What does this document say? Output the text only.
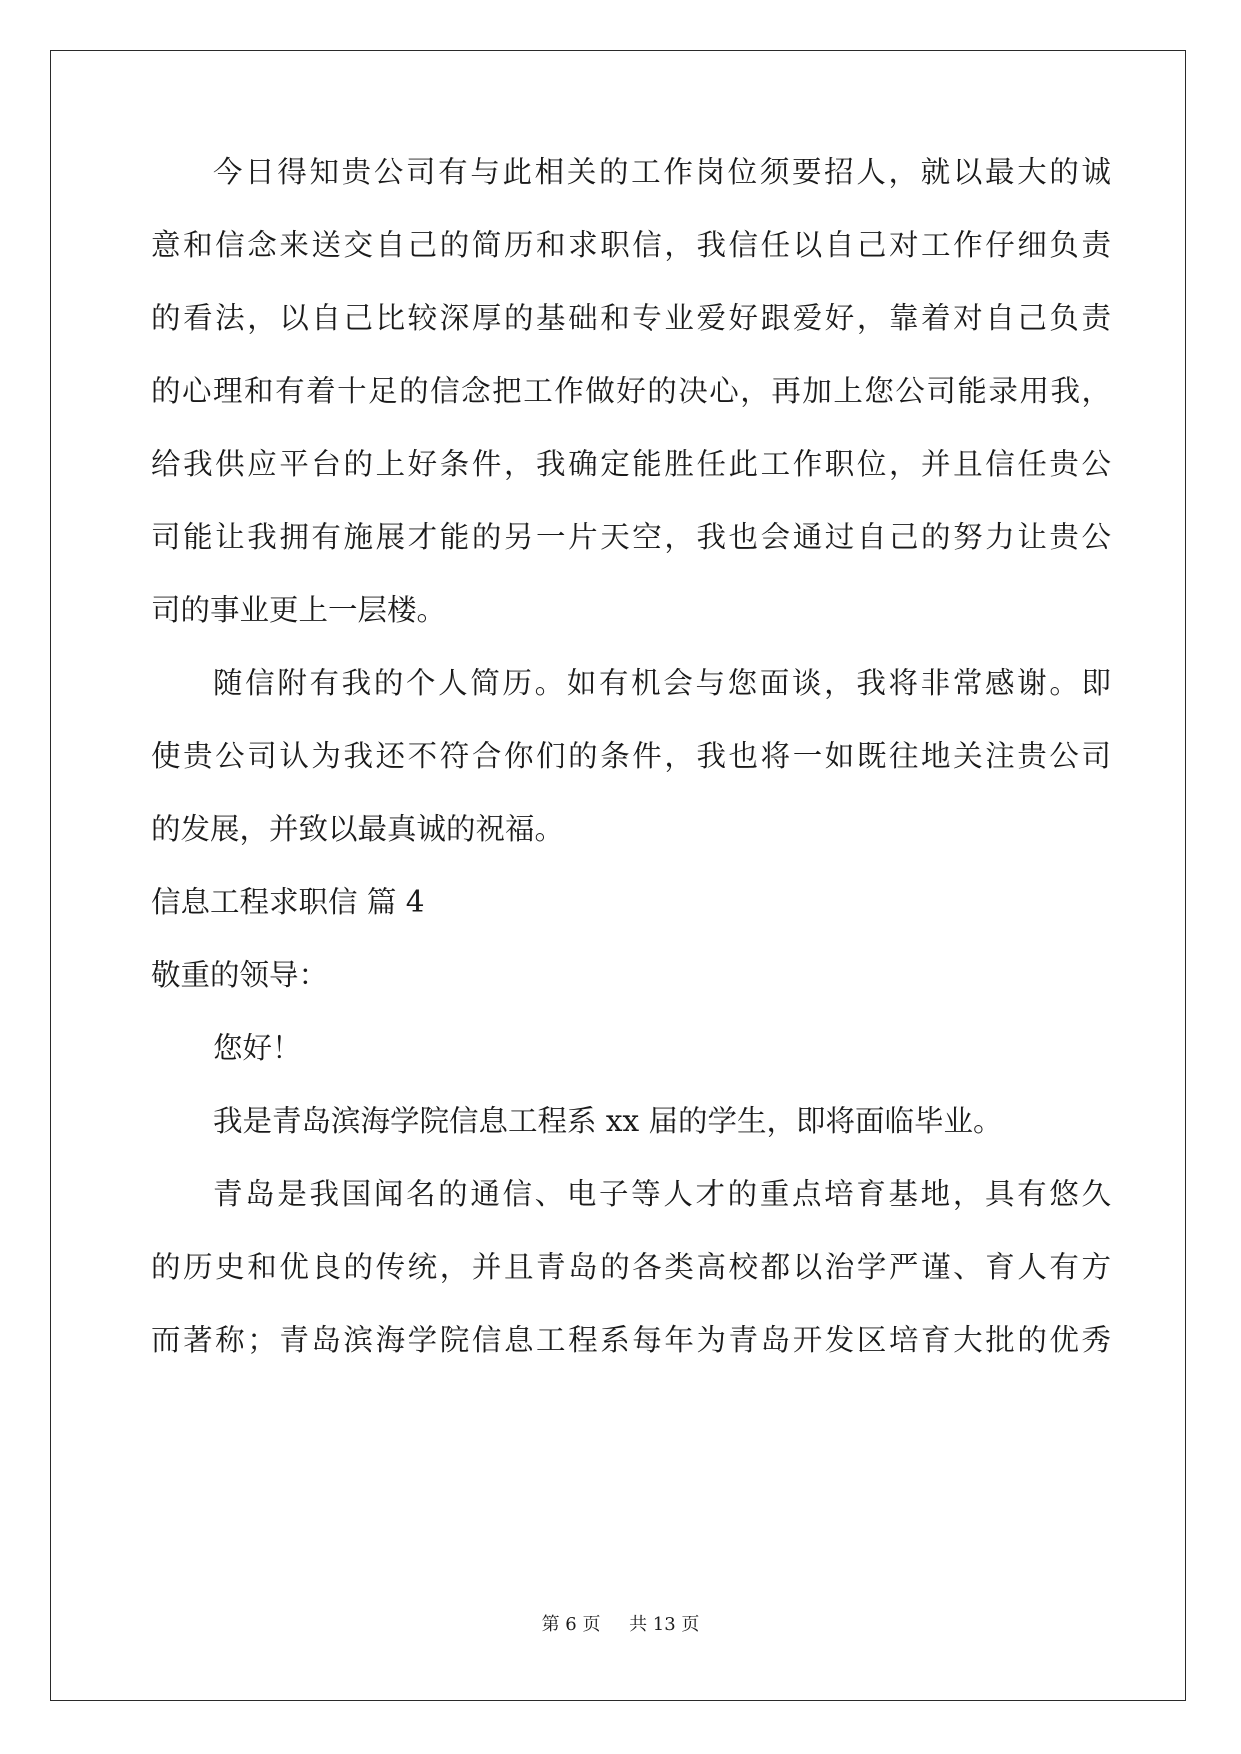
今日得知贵公司有与此相关的工作岗位须要招人，就以最大的诚
意和信念来送交自己的简历和求职信，我信任以自己对工作仔细负责
的看法，以自己比较深厚的基础和专业爱好跟爱好，靠着对自己负责
的心理和有着十足的信念把工作做好的决心，再加上您公司能录用我，
给我供应平台的上好条件，我确定能胜任此工作职位，并且信任贵公
司能让我拥有施展才能的另一片天空，我也会通过自己的努力让贵公
司的事业更上一层楼。
随信附有我的个人简历。如有机会与您面谈，我将非常感谢。即
使贵公司认为我还不符合你们的条件，我也将一如既往地关注贵公司
的发展，并致以最真诚的祝福。
信息工程求职信 篇 4
敬重的领导：
您好！
我是青岛滨海学院信息工程系 xx 届的学生，即将面临毕业。
青岛是我国闻名的通信、电子等人才的重点培育基地，具有悠久
的历史和优良的传统，并且青岛的各类高校都以治学严谨、育人有方
而著称；青岛滨海学院信息工程系每年为青岛开发区培育大批的优秀
第 6 页 共 13 页
